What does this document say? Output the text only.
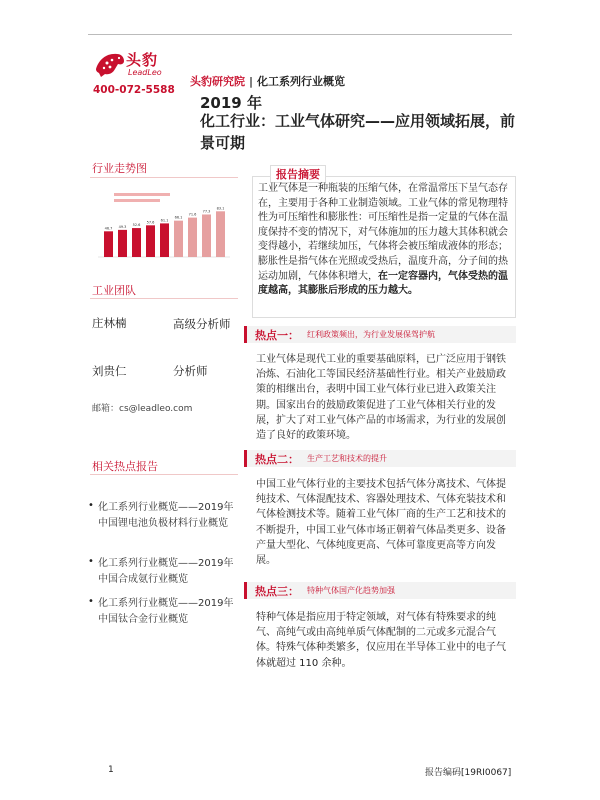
头豹
LeadLeo
400-072-5588
头豹研究院 | 化工系列行业概览
2019 年
化工行业：工业气体研究——应用领域拓展，前景可期
行业走势图
46.7 49.3 52.6
57.6 61.1
66.1
71.6
77.3
83.1
工业团队
庄林楠	高级分析师
刘贵仁	分析师
邮箱：cs@leadleo.com
相关热点报告
• 化工系列行业概览——2019年中国锂电池负极材料行业概览
• 化工系列行业概览——2019年中国合成氨行业概览
• 化工系列行业概览——2019年中国钛合金行业概览
报告摘要
工业气体是一种瓶装的压缩气体，在常温常压下呈气态存在，主要用于各种工业制造领域。工业气体的常见物理特性为可压缩性和膨胀性：可压缩性是指一定量的气体在温度保持不变的情况下，对气体施加的压力越大其体积就会变得越小，若继续加压，气体将会被压缩成液体的形态；膨胀性是指气体在光照或受热后，温度升高，分子间的热运动加剧，气体体积增大，在一定容器内，气体受热的温度越高，其膨胀后形成的压力越大。
热点一： 红利政策频出，为行业发展保驾护航
工业气体是现代工业的重要基础原料，已广泛应用于钢铁冶炼、石油化工等国民经济基础性行业。相关产业鼓励政策的相继出台，表明中国工业气体行业已进入政策关注期。国家出台的鼓励政策促进了工业气体相关行业的发展，扩大了对工业气体产品的市场需求，为行业的发展创造了良好的政策环境。
热点二： 生产工艺和技术的提升
中国工业气体行业的主要技术包括气体分离技术、气体提纯技术、气体混配技术、容器处理技术、气体充装技术和气体检测技术等。随着工业气体厂商的生产工艺和技术的不断提升，中国工业气体市场正朝着气体品类更多、设备产量大型化、气体纯度更高、气体可靠度更高等方向发展。
热点三： 特种气体国产化趋势加强
特种气体是指应用于特定领域，对气体有特殊要求的纯气、高纯气或由高纯单质气体配制的二元或多元混合气体。特殊气体种类繁多，仅应用在半导体工业中的电子气体就超过 110 余种。
1	报告编码[19RI0067]
